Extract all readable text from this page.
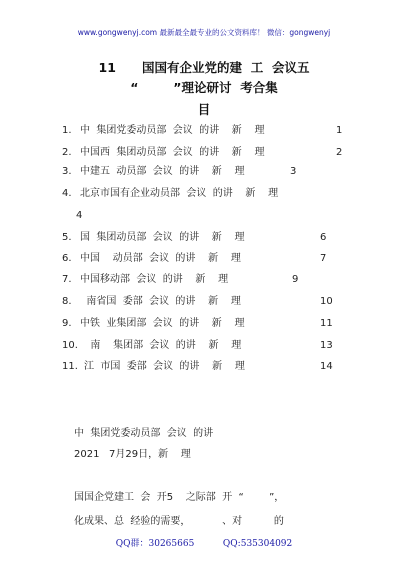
www.gongwenyj.com 最新最全最专业的公文资料库！ 微信：gongwenyj
11      国国有企业党的建  工  会议五
“        ”理论研讨  考合集
目
1. 中  集团党委动员部  会议  的讲    新    理	1
2. 中国西  集团动员部  会议  的讲    新    理	2
3. 中建五  动员部  会议  的讲    新    理	3
4. 北京市国有企业动员部  会议  的讲    新    理
4
5. 国  集团动员部  会议  的讲    新    理	6
6. 中国    动员部  会议  的讲    新    理	7
7. 中国移动部  会议  的讲    新    理	9
8. 南省国  委部  会议  的讲    新    理	10
9. 中铁  业集团部  会议  的讲    新    理	11
10. 南    集团部  会议  的讲    新    理	13
11. 江  市国  委部  会议  的讲    新    理	14
中  集团党委动员部  会议  的讲
2021   7月29日，新    理
国国企党建工  会  开5    之际部  开  “        ”，
化成果、总  经验的需要，          、对          的
QQ群：30265665          QQ:535304092
